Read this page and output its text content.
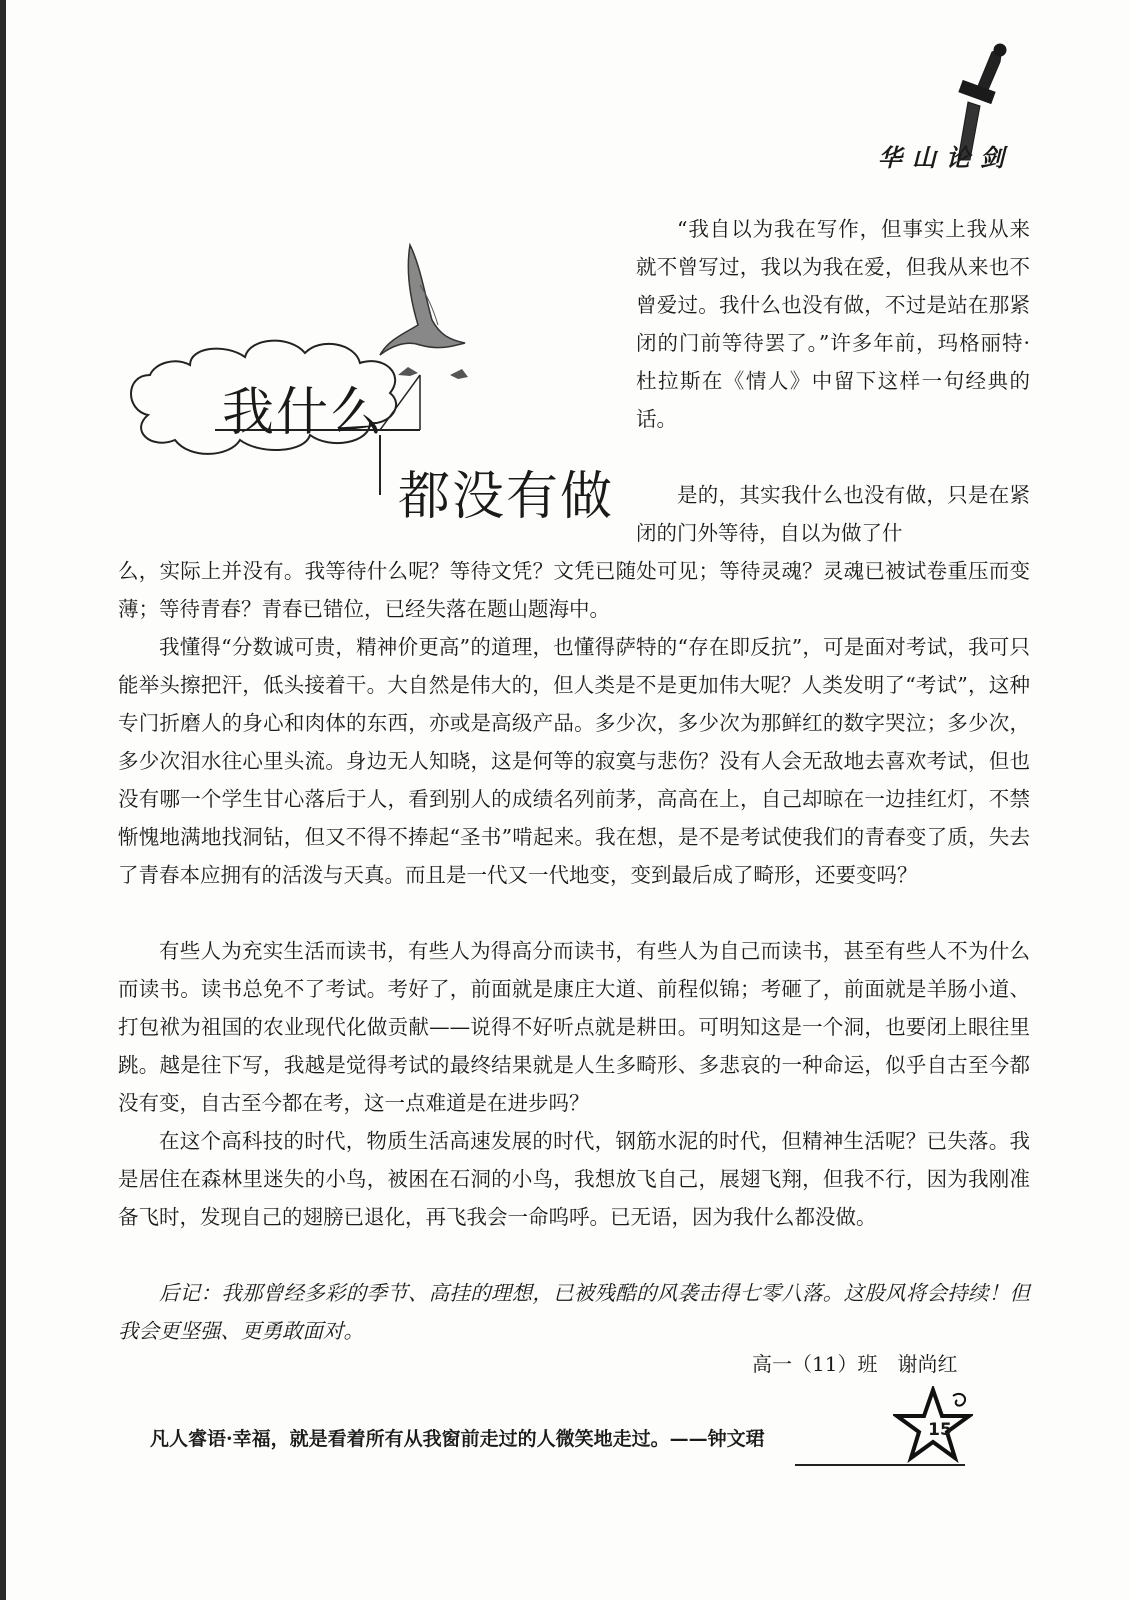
华山论剑
我什么
都没有做

“我自以为我在写作，但事实上我从来就不曾写过，我以为我在爱，但我从来也不曾爱过。我什么也没有做，不过是站在那紧闭的门前等待罢了。”许多年前，玛格丽特·杜拉斯在《情人》中留下这样一句经典的话。

是的，其实我什么也没有做，只是在紧闭的门外等待，自以为做了什

么，实际上并没有。我等待什么呢？等待文凭？文凭已随处可见；等待灵魂？灵魂已被试卷重压而变薄；等待青春？青春已错位，已经失落在题山题海中。

我懂得“分数诚可贵，精神价更高”的道理，也懂得萨特的“存在即反抗”，可是面对考试，我可只能举头擦把汗，低头接着干。大自然是伟大的，但人类是不是更加伟大呢？人类发明了“考试”，这种专门折磨人的身心和肉体的东西，亦或是高级产品。多少次，多少次为那鲜红的数字哭泣；多少次，多少次泪水往心里头流。身边无人知晓，这是何等的寂寞与悲伤？没有人会无敌地去喜欢考试，但也没有哪一个学生甘心落后于人，看到别人的成绩名列前茅，高高在上，自己却晾在一边挂红灯，不禁惭愧地满地找洞钻，但又不得不捧起“圣书”啃起来。我在想，是不是考试使我们的青春变了质，失去了青春本应拥有的活泼与天真。而且是一代又一代地变，变到最后成了畸形，还要变吗？

有些人为充实生活而读书，有些人为得高分而读书，有些人为自己而读书，甚至有些人不为什么而读书。读书总免不了考试。考好了，前面就是康庄大道、前程似锦；考砸了，前面就是羊肠小道、打包袱为祖国的农业现代化做贡献——说得不好听点就是耕田。可明知这是一个洞，也要闭上眼往里跳。越是往下写，我越是觉得考试的最终结果就是人生多畸形、多悲哀的一种命运，似乎自古至今都没有变，自古至今都在考，这一点难道是在进步吗？

在这个高科技的时代，物质生活高速发展的时代，钢筋水泥的时代，但精神生活呢？已失落。我是居住在森林里迷失的小鸟，被困在石洞的小鸟，我想放飞自己，展翅飞翔，但我不行，因为我刚准备飞时，发现自己的翅膀已退化，再飞我会一命呜呼。已无语，因为我什么都没做。

后记：我那曾经多彩的季节、高挂的理想，已被残酷的风袭击得七零八落。这股风将会持续！但我会更坚强、更勇敢面对。

高一（11）班　谢尚红
凡人睿语·幸福，就是看着所有从我窗前走过的人微笑地走过。——钟文珺	15
